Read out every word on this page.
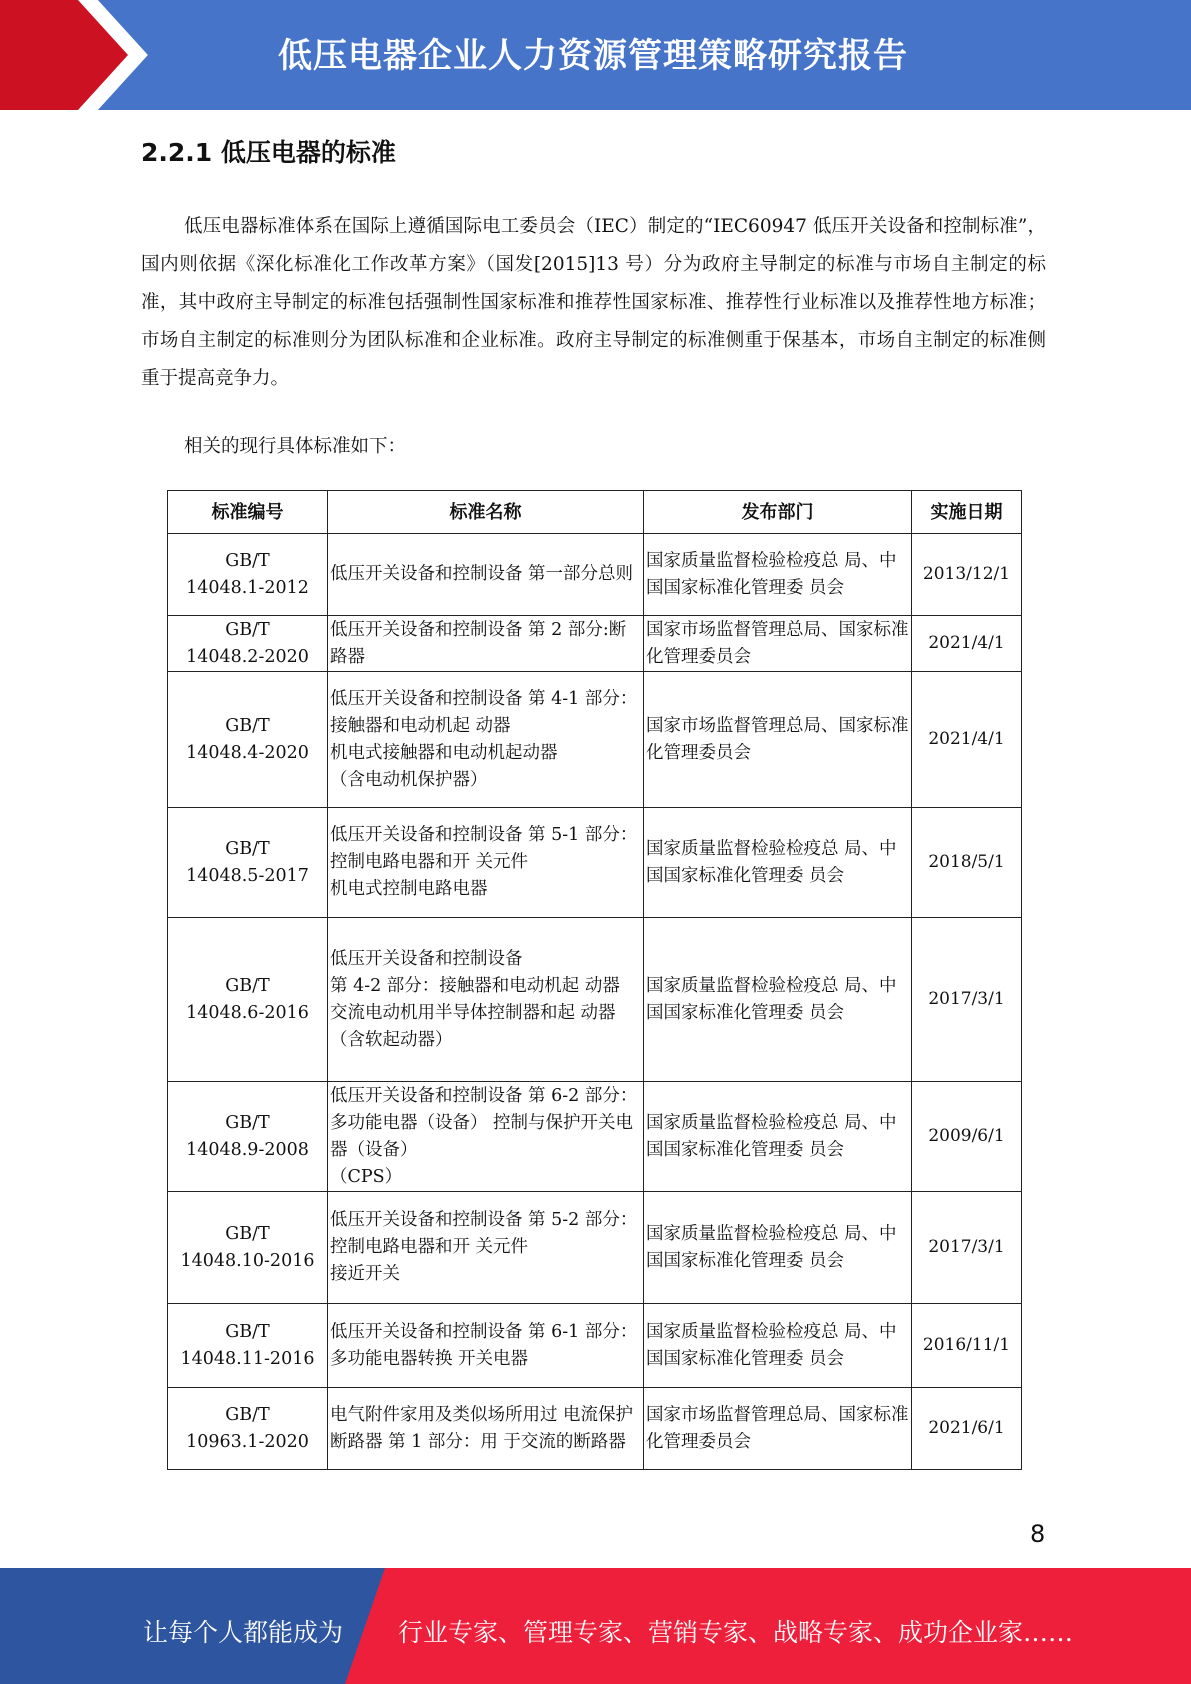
低压电器企业人力资源管理策略研究报告
2.2.1 低压电器的标准
低压电器标准体系在国际上遵循国际电工委员会（IEC）制定的“IEC60947 低压开关设备和控制标准”，国内则依据《深化标准化工作改革方案》（国发[2015]13 号）分为政府主导制定的标准与市场自主制定的标准，其中政府主导制定的标准包括强制性国家标准和推荐性国家标准、推荐性行业标准以及推荐性地方标准；市场自主制定的标准则分为团队标准和企业标准。政府主导制定的标准侧重于保基本，市场自主制定的标准侧重于提高竞争力。
相关的现行具体标准如下：
标准编号	标准名称	发布部门	实施日期

GB/T
14048.1-2012	低压开关设备和控制设备 第一部分总则	国家质量监督检验检疫总 局、中国国家标准化管理委 员会	2013/12/1

GB/T
14048.2-2020	低压开关设备和控制设备 第 2 部分:断路器	国家市场监督管理总局、国家标准化管理委员会	2021/4/1

GB/T
14048.4-2020	低压开关设备和控制设备 第 4-1 部分：接触器和电动机起 动器
机电式接触器和电动机起动器
（含电动机保护器）	国家市场监督管理总局、国家标准化管理委员会	2021/4/1

GB/T
14048.5-2017	低压开关设备和控制设备 第 5-1 部分：控制电路电器和开 关元件
机电式控制电路电器	国家质量监督检验检疫总 局、中国国家标准化管理委 员会	2018/5/1

GB/T
14048.6-2016	低压开关设备和控制设备
第 4-2 部分：接触器和电动机起 动器
交流电动机用半导体控制器和起 动器
（含软起动器）	国家质量监督检验检疫总 局、中国国家标准化管理委 员会	2017/3/1

GB/T
14048.9-2008	低压开关设备和控制设备 第 6-2 部分：多功能电器（设备） 控制与保护开关电器（设备）
（CPS）	国家质量监督检验检疫总 局、中国国家标准化管理委 员会	2009/6/1

GB/T
14048.10-2016	低压开关设备和控制设备 第 5-2 部分：控制电路电器和开 关元件
接近开关	国家质量监督检验检疫总 局、中国国家标准化管理委 员会	2017/3/1

GB/T
14048.11-2016	低压开关设备和控制设备 第 6-1 部分：多功能电器转换 开关电器	国家质量监督检验检疫总 局、中国国家标准化管理委 员会	2016/11/1

GB/T
10963.1-2020	电气附件家用及类似场所用过 电流保护断路器 第 1 部分：用 于交流的断路器	国家市场监督管理总局、国家标准化管理委员会	2021/6/1
8
让每个人都能成为 行业专家、管理专家、营销专家、战略专家、成功企业家……
